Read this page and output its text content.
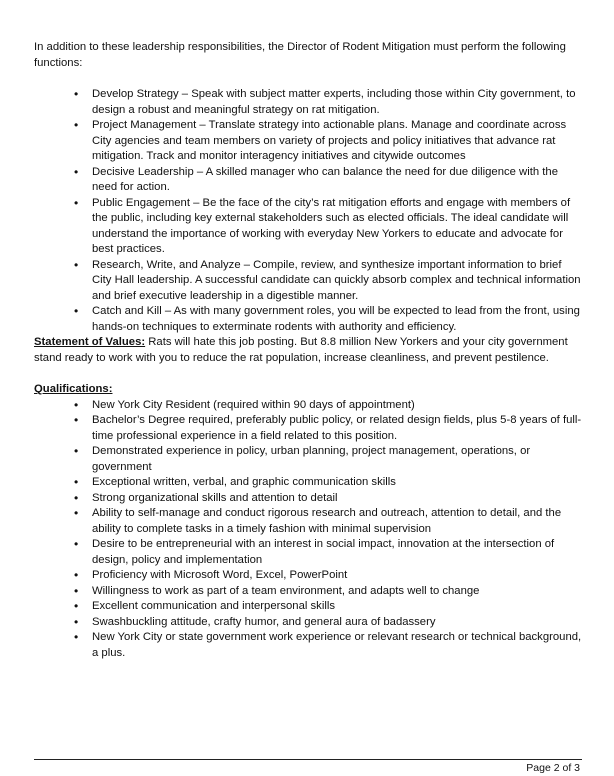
In addition to these leadership responsibilities, the Director of Rodent Mitigation must perform the following functions:

• Develop Strategy – Speak with subject matter experts, including those within City government, to design a robust and meaningful strategy on rat mitigation.
• Project Management – Translate strategy into actionable plans. Manage and coordinate across City agencies and team members on variety of projects and policy initiatives that advance rat mitigation. Track and monitor interagency initiatives and citywide outcomes
• Decisive Leadership – A skilled manager who can balance the need for due diligence with the need for action.
• Public Engagement – Be the face of the city’s rat mitigation efforts and engage with members of the public, including key external stakeholders such as elected officials. The ideal candidate will understand the importance of working with everyday New Yorkers to educate and advocate for best practices.
• Research, Write, and Analyze – Compile, review, and synthesize important information to brief City Hall leadership. A successful candidate can quickly absorb complex and technical information and brief executive leadership in a digestible manner.
• Catch and Kill – As with many government roles, you will be expected to lead from the front, using hands-on techniques to exterminate rodents with authority and efficiency.

Statement of Values: Rats will hate this job posting. But 8.8 million New Yorkers and your city government stand ready to work with you to reduce the rat population, increase cleanliness, and prevent pestilence.

Qualifications:

• New York City Resident (required within 90 days of appointment)
• Bachelor’s Degree required, preferably public policy, or related design fields, plus 5-8 years of full-time professional experience in a field related to this position.
• Demonstrated experience in policy, urban planning, project management, operations, or government
• Exceptional written, verbal, and graphic communication skills
• Strong organizational skills and attention to detail
• Ability to self-manage and conduct rigorous research and outreach, attention to detail, and the ability to complete tasks in a timely fashion with minimal supervision
• Desire to be entrepreneurial with an interest in social impact, innovation at the intersection of design, policy and implementation
• Proficiency with Microsoft Word, Excel, PowerPoint
• Willingness to work as part of a team environment, and adapts well to change
• Excellent communication and interpersonal skills
• Swashbuckling attitude, crafty humor, and general aura of badassery
• New York City or state government work experience or relevant research or technical background, a plus.
Page 2 of 3
